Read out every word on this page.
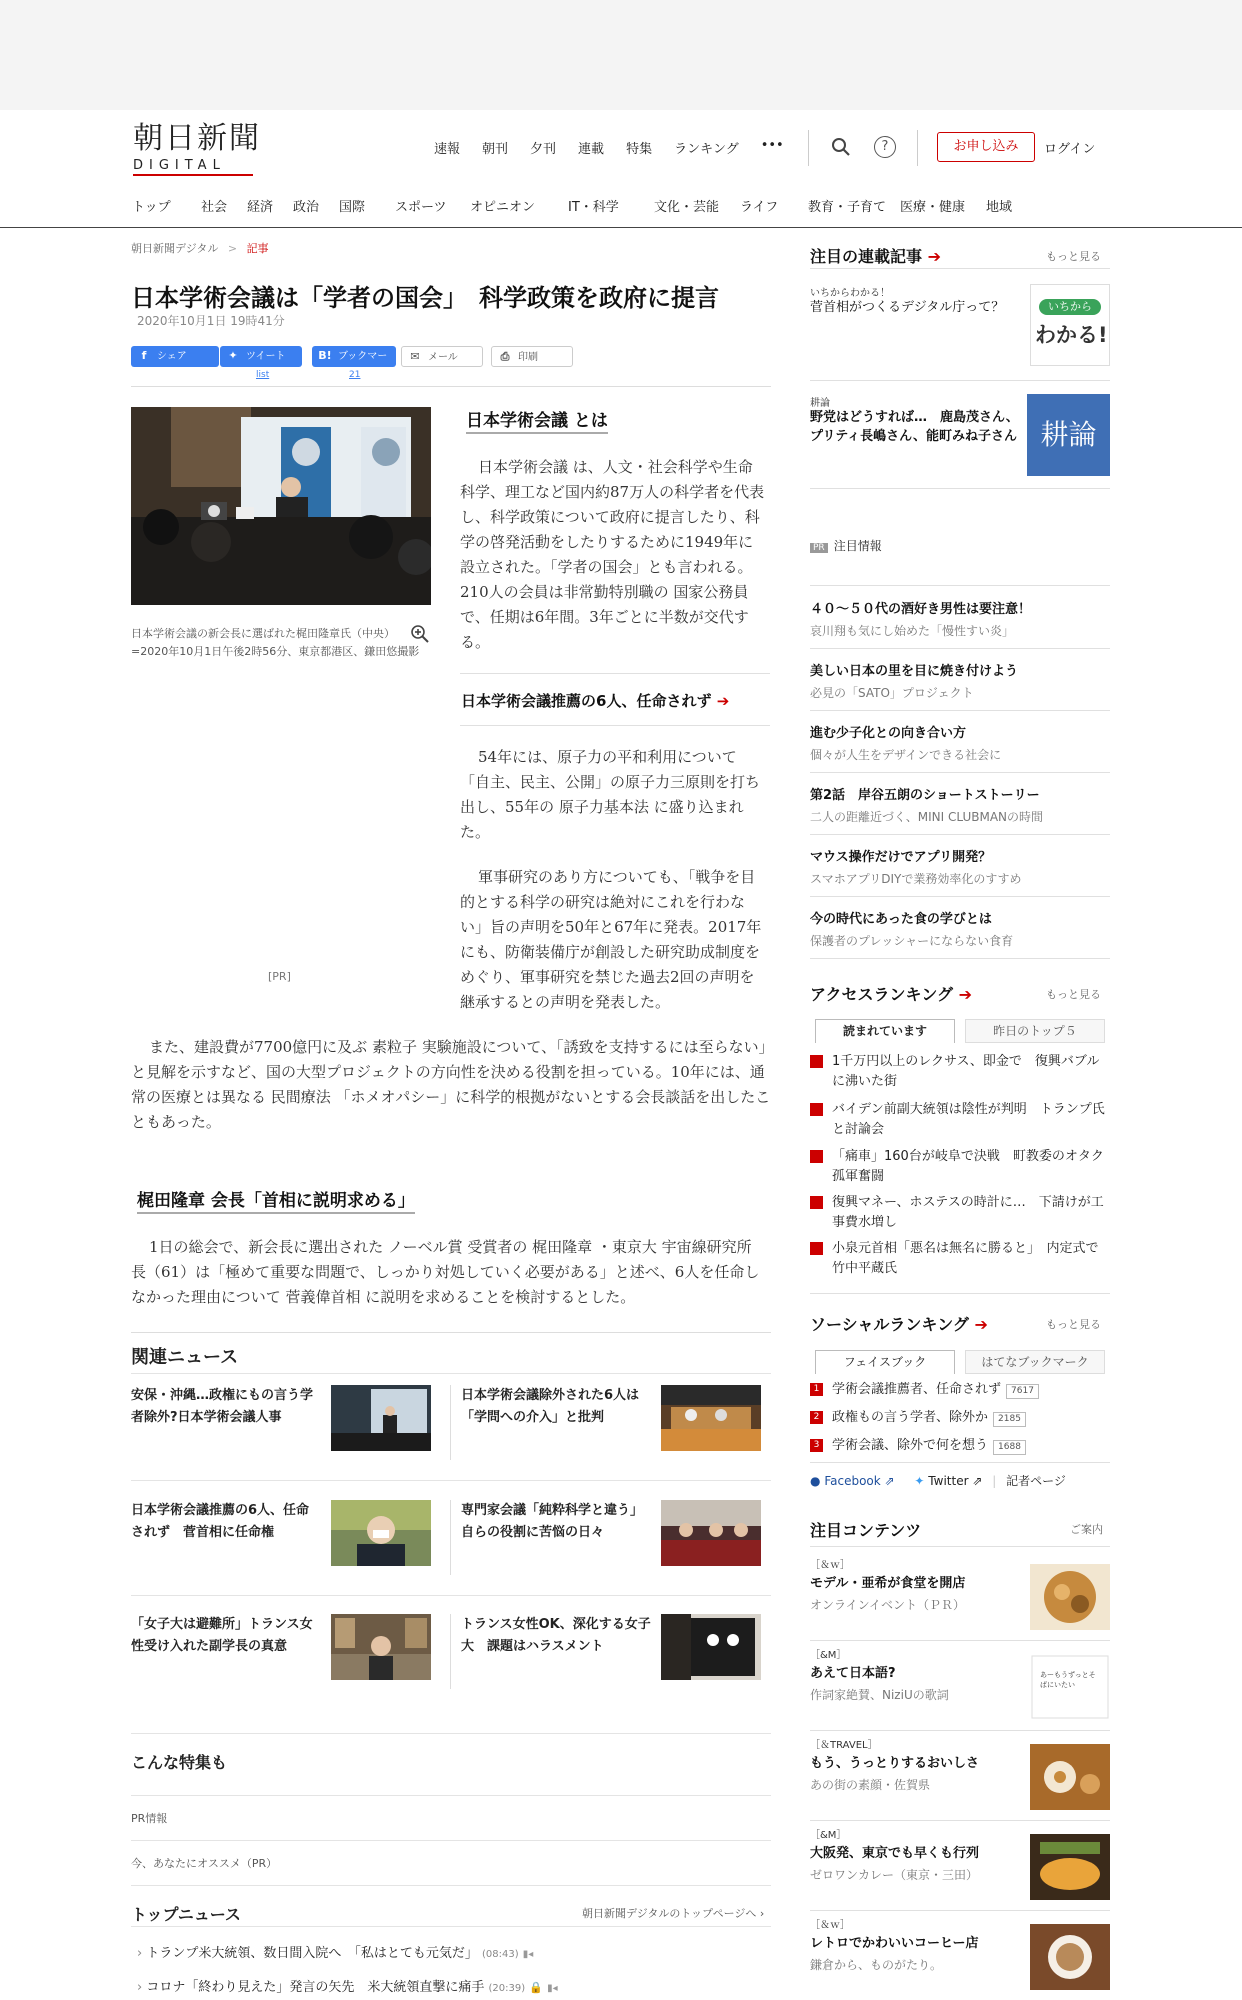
朝日新聞
DIGITAL
速報 朝刊 夕刊 連載 特集 ランキング •••	?	お申し込み	ログイン
トップ	社会	経済	政治	国際	スポーツ	オピニオン	IT・科学	文化・芸能	ライフ	教育・子育て	医療・健康	地域
朝日新聞デジタル > 記事
日本学術会議は「学者の国会」　科学政策を政府に提言
2020年10月1日 19時41分
f	シェア	✦ ツイート
list
B! ブックマーク 21
✉ メール	⎙ 印刷
日本学術会議の新会長に選ばれた梶田隆章氏（中央）=2020年10月1日午後2時56分、東京都港区、鎌田悠撮影
[PR]
日本学術会議 とは

日本学術会議 は、人文・社会科学や生命科学、理工など国内約87万人の科学者を代表し、科学政策について政府に提言したり、科学の啓発活動をしたりするために1949年に設立された。「学者の国会」とも言われる。210人の会員は非常勤特別職の 国家公務員 で、任期は6年間。3年ごとに半数が交代する。

日本学術会議推薦の6人、任命されず ➔

54年には、原子力の平和利用について「自主、民主、公開」の原子力三原則を打ち出し、55年の 原子力基本法 に盛り込まれた。

軍事研究のあり方についても、「戦争を目的とする科学の研究は絶対にこれを行わない」旨の声明を50年と67年に発表。2017年にも、防衛装備庁が創設した研究助成制度をめぐり、軍事研究を禁じた過去2回の声明を継承するとの声明を発表した。

また、建設費が7700億円に及ぶ 素粒子 実験施設について、「誘致を支持するには至らない」と見解を示すなど、国の大型プロジェクトの方向性を決める役割を担っている。10年には、通常の医療とは異なる 民間療法 「ホメオパシー」に科学的根拠がないとする会長談話を出したこともあった。

梶田隆章 会長「首相に説明求める」

1日の総会で、新会長に選出された ノーベル賞 受賞者の 梶田隆章 ・東京大 宇宙線研究所 長（61）は「極めて重要な問題で、しっかり対処していく必要がある」と述べ、6人を任命しなかった理由について 菅義偉首相 に説明を求めることを検討するとした。

関連ニュース
安保・沖縄…政権にもの言う学者除外?日本学術会議人事
日本学術会議除外された6人は　「学問への介入」と批判
日本学術会議推薦の6人、任命されず　菅首相に任命権
専門家会議「純粋科学と違う」　自らの役割に苦悩の日々
「女子大は避難所」トランス女性受け入れた副学長の真意
トランス女性OK、深化する女子大　課題はハラスメント
こんな特集も
PR情報
今、あなたにオススメ（PR）
トップニュース	朝日新聞デジタルのトップページへ ›
› トランプ米大統領、数日間入院へ　「私はとても元気だ」 (08:43) ▮◂
› コロナ「終わり見えた」発言の矢先　米大統領直撃に痛手 (20:39) 🔒 ▮◂
注目の連載記事 ➔	もっと見る
いちからわかる！
菅首相がつくるデジタル庁って？	いちから
わかる!
耕論
野党はどうすれば…　鹿島茂さん、プリティ長嶋さん、能町みね子さん 耕論
PR 注目情報
４０～５０代の酒好き男性は要注意！
哀川翔も気にし始めた「慢性すい炎」
美しい日本の里を目に焼き付けよう
必見の「SATO」プロジェクト
進む少子化との向き合い方
個々が人生をデザインできる社会に
第2話　岸谷五朗のショートストーリー
二人の距離近づく、MINI CLUBMANの時間
マウス操作だけでアプリ開発？
スマホアプリDIYで業務効率化のすすめ
今の時代にあった食の学びとは
保護者のプレッシャーにならない食育
アクセスランキング ➔	もっと見る
読まれています	昨日のトップ５
1千万円以上のレクサス、即金で　復興バブルに沸いた街
バイデン前副大統領は陰性が判明　トランプ氏と討論会
「痛車」160台が岐阜で決戦　町教委のオタク孤軍奮闘
復興マネー、ホステスの時計に…　下請けが工事費水増し
小泉元首相「悪名は無名に勝ると」　内定式で竹中平蔵氏
ソーシャルランキング ➔	もっと見る
フェイスブック	はてなブックマーク
1 学術会議推薦者、任命されず 7617
2 政権もの言う学者、除外か 2185
3 学術会議、除外で何を想う 1688
● Facebook ⇗ ✦ Twitter ⇗ | 記者ページ
注目コンテンツ	ご案内
［＆ｗ］
モデル・亜希が食堂を開店
オンラインイベント（ＰＲ）
［&M］
あえて日本語?
作詞家絶賛、NiziUの歌詞
あーもうずっとそばにいたい
［＆TRAVEL］
もう、うっとりするおいしさ
あの街の素顔・佐賀県
［&M］
大阪発、東京でも早くも行列
ゼロワンカレー（東京・三田）
［＆ｗ］
レトロでかわいいコーヒー店
鎌倉から、ものがたり。
